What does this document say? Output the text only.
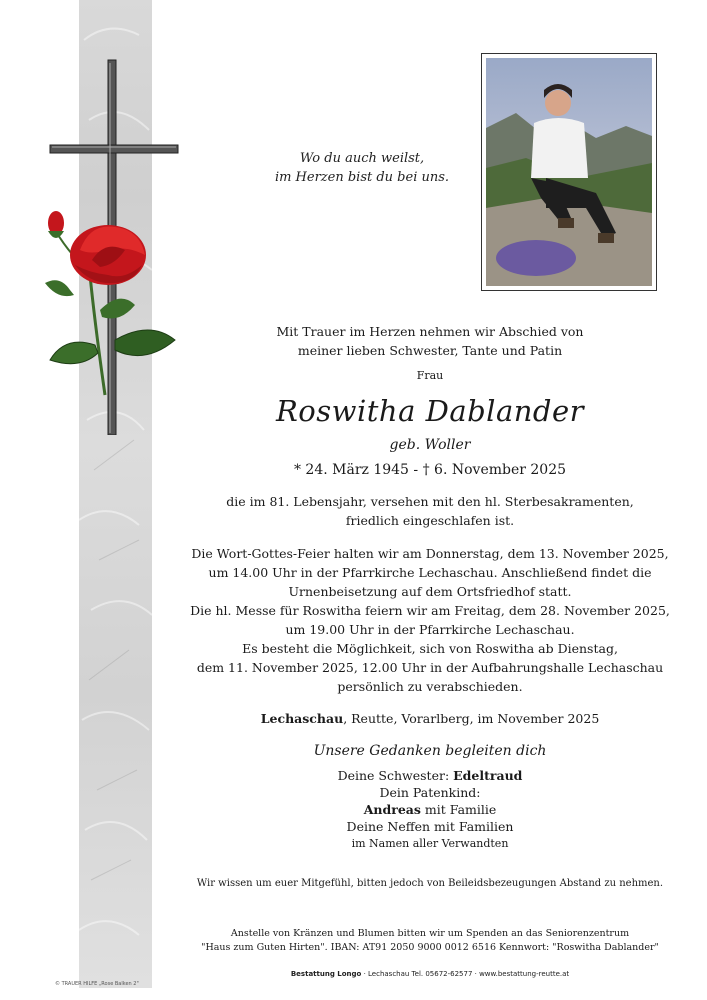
© TRAUER HILFE „Rose Balken 2"
Wo du auch weilst,
im Herzen bist du bei uns.
Mit Trauer im Herzen nehmen wir Abschied von
meiner lieben Schwester, Tante und Patin
Frau
Roswitha Dablander
geb. Woller
* 24. März 1945 - † 6. November 2025
die im 81. Lebensjahr, versehen mit den hl. Sterbesakramenten,
friedlich eingeschlafen ist.
Die Wort-Gottes-Feier halten wir am Donnerstag, dem 13. November 2025,
um 14.00 Uhr in der Pfarrkirche Lechaschau. Anschließend findet die
Urnenbeisetzung auf dem Ortsfriedhof statt.
Die hl. Messe für Roswitha feiern wir am Freitag, dem 28. November 2025,
um 19.00 Uhr in der Pfarrkirche Lechaschau.
Es besteht die Möglichkeit, sich von Roswitha ab Dienstag,
dem 11. November 2025, 12.00 Uhr in der Aufbahrungshalle Lechaschau
persönlich zu verabschieden.
Lechaschau, Reutte, Vorarlberg, im November 2025
Unsere Gedanken begleiten dich
Deine Schwester: Edeltraud
Dein Patenkind:
Andreas mit Familie
Deine Neffen mit Familien
im Namen aller Verwandten
Wir wissen um euer Mitgefühl, bitten jedoch von Beileidsbezeugungen Abstand zu nehmen.
Anstelle von Kränzen und Blumen bitten wir um Spenden an das Seniorenzentrum
"Haus zum Guten Hirten". IBAN: AT91 2050 9000 0012 6516 Kennwort: "Roswitha Dablander"
Bestattung Longo · Lechaschau Tel. 05672-62577 · www.bestattung-reutte.at
